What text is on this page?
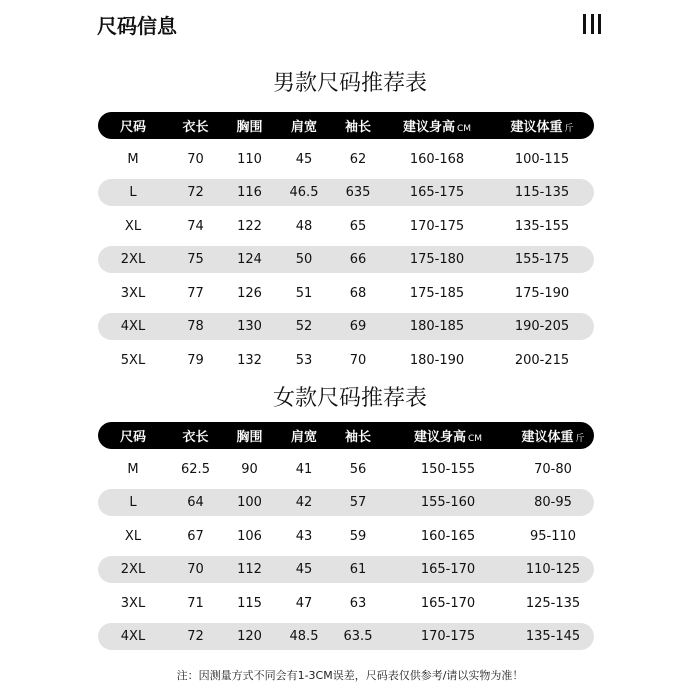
尺码信息
男款尺码推荐表
尺码	衣长	胸围	肩宽	袖长	建议身高 CM	建议体重 斤
M	70	110	45	62	160-168	100-115
L	72	116	46.5	635	165-175	115-135
XL	74	122	48	65	170-175	135-155
2XL	75	124	50	66	175-180	155-175
3XL	77	126	51	68	175-185	175-190
4XL	78	130	52	69	180-185	190-205
5XL	79	132	53	70	180-190	200-215
女款尺码推荐表
尺码	衣长	胸围	肩宽	袖长	建议身高 CM	建议体重 斤
M	62.5	90	41	56	150-155	70-80
L	64	100	42	57	155-160	80-95
XL	67	106	43	59	160-165	95-110
2XL	70	112	45	61	165-170	110-125
3XL	71	115	47	63	165-170	125-135
4XL	72	120	48.5	63.5	170-175	135-145
注：因测量方式不同会有1-3CM误差，尺码表仅供参考/请以实物为准！
